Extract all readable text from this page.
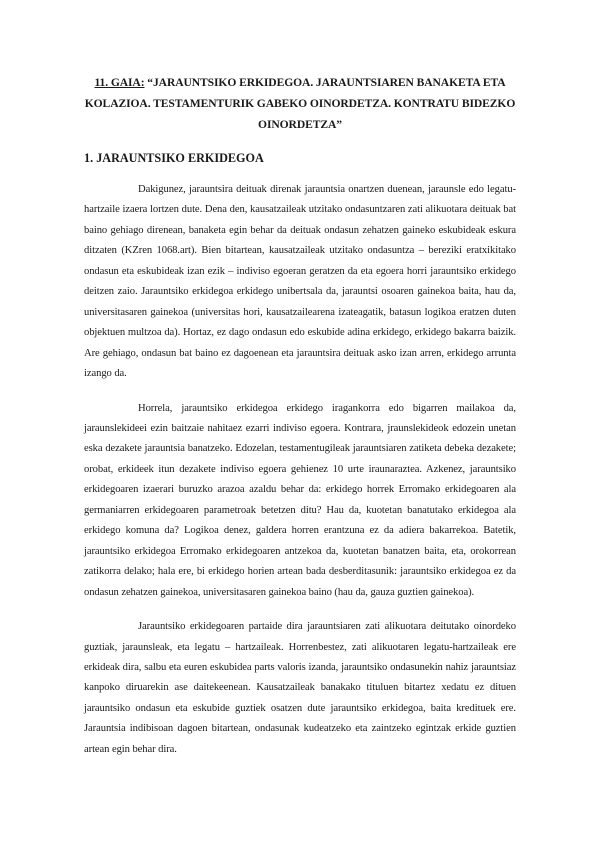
11. GAIA: “JARAUNTSIKO ERKIDEGOA. JARAUNTSIAREN BANAKETA ETA KOLAZIOA. TESTAMENTURIK GABEKO OINORDETZA. KONTRATU BIDEZKO OINORDETZA”
1. JARAUNTSIKO ERKIDEGOA

Dakigunez, jarauntsira deituak direnak jarauntsia onartzen duenean, jaraunsle edo legatu- hartzaile izaera lortzen dute. Dena den, kausatzaileak utzitako ondasuntzaren zati alikuotara deituak bat baino gehiago direnean, banaketa egin behar da deituak ondasun zehatzen gaineko eskubideak eskura ditzaten (KZren 1068.art). Bien bitartean, kausatzaileak utzitako ondasuntza – bereziki eratxikitako ondasun eta eskubideak izan ezik – indiviso egoeran geratzen da eta egoera horri jarauntsiko erkidego deitzen zaio. Jarauntsiko erkidegoa erkidego unibertsala da, jarauntsi osoaren gainekoa baita, hau da, universitasaren gainekoa (universitas hori, kausatzailearena izateagatik, batasun logikoa eratzen duten objektuen multzoa da). Hortaz, ez dago ondasun edo eskubide adina erkidego, erkidego bakarra baizik. Are gehiago, ondasun bat baino ez dagoenean eta jarauntsira deituak asko izan arren, erkidego arrunta izango da.

Horrela, jarauntsiko erkidegoa erkidego iragankorra edo bigarren mailakoa da, jaraunslekideei ezin baitzaie nahitaez ezarri indiviso egoera. Kontrara, jraunslekideok edozein unetan eska dezakete jarauntsia banatzeko. Edozelan, testamentugileak jarauntsiaren zatiketa debeka dezakete; orobat, erkideek itun dezakete indiviso egoera gehienez 10 urte iraunaraztea. Azkenez, jarauntsiko erkidegoaren izaerari buruzko arazoa azaldu behar da: erkidego horrek Erromako erkidegoaren ala germaniarren erkidegoaren parametroak betetzen ditu? Hau da, kuotetan banatutako erkidegoa ala erkidego komuna da? Logikoa denez, galdera horren erantzuna ez da adiera bakarrekoa. Batetik, jarauntsiko erkidegoa Erromako erkidegoaren antzekoa da, kuotetan banatzen baita, eta, orokorrean zatikorra delako; hala ere, bi erkidego horien artean bada desberditasunik: jarauntsiko erkidegoa ez da ondasun zehatzen gainekoa, universitasaren gainekoa baino (hau da, gauza guztien gainekoa).

Jarauntsiko erkidegoaren partaide dira jarauntsiaren zati alikuotara deitutako oinordeko guztiak, jaraunsleak, eta legatu – hartzaileak. Horrenbestez, zati alikuotaren legatu-hartzaileak ere erkideak dira, salbu eta euren eskubidea parts valoris izanda, jarauntsiko ondasunekin nahiz jarauntsiaz kanpoko diruarekin ase daitekeenean. Kausatzaileak banakako tituluen bitartez xedatu ez dituen jarauntsiko ondasun eta eskubide guztiek osatzen dute jarauntsiko erkidegoa, baita kredituek ere. Jarauntsia indibisoan dagoen bitartean, ondasunak kudeatzeko eta zaintzeko egintzak erkide guztien artean egin behar dira.
